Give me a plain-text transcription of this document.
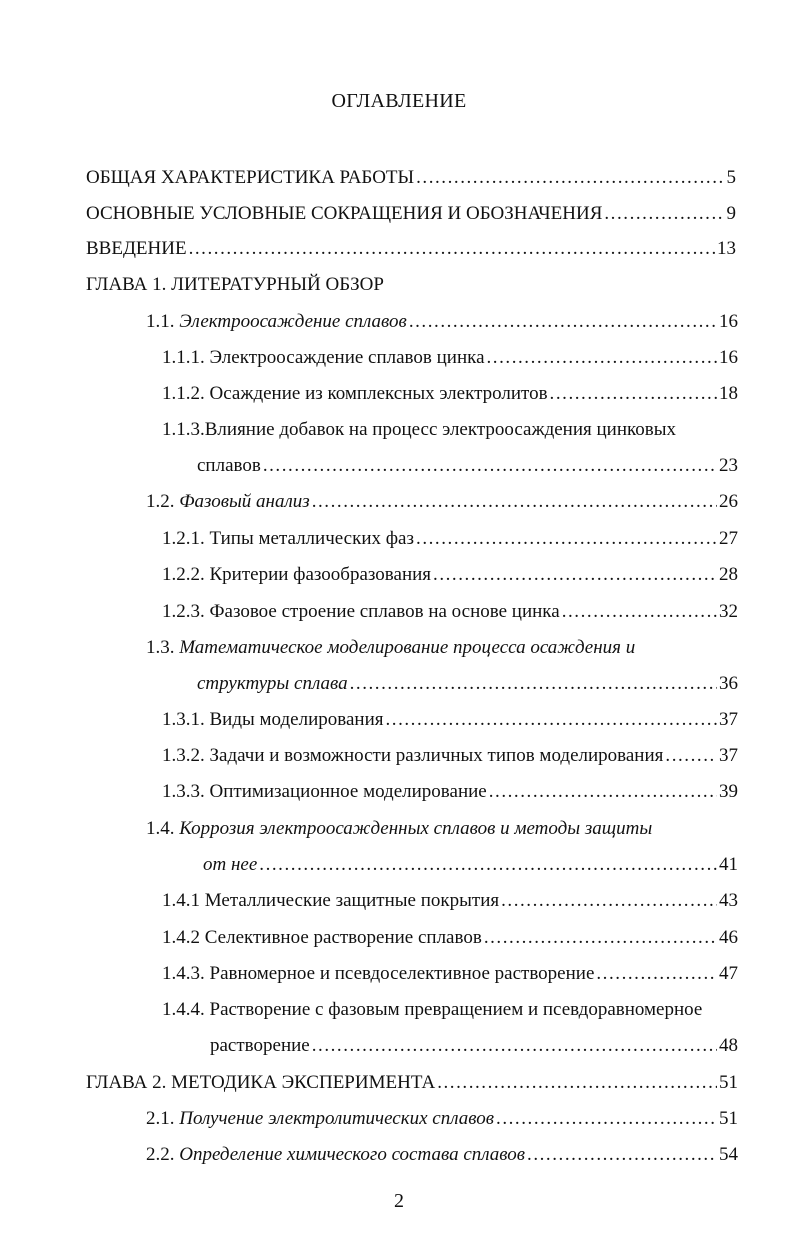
ОГЛАВЛЕНИЕ
ОБЩАЯ ХАРАКТЕРИСТИКА РАБОТЫ . . .	5
ОСНОВНЫЕ УСЛОВНЫЕ СОКРАЩЕНИЯ И ОБОЗНАЧЕНИЯ . . .	9
ВВЕДЕНИЕ . . .	13
ГЛАВА 1. ЛИТЕРАТУРНЫЙ ОБЗОР
1.1. Электроосаждение сплавов . . .	16
1.1.1. Электроосаждение сплавов цинка . . .	16
1.1.2. Осаждение из комплексных электролитов . . .	18
1.1.3.Влияние добавок на процесс электроосаждения цинковых
сплавов . . .	23
1.2. Фазовый анализ . . .	26
1.2.1. Типы металлических фаз . . .	27
1.2.2. Критерии фазообразования . . .	28
1.2.3. Фазовое строение сплавов на основе цинка . . .	32
1.3. Математическое моделирование процесса осаждения и
структуры сплава . . .	36
1.3.1. Виды моделирования . . .	37
1.3.2. Задачи и возможности различных типов моделирования . . .	37
1.3.3. Оптимизационное моделирование . . .	39
1.4. Коррозия электроосажденных сплавов и методы защиты
от нее . . .	41
1.4.1 Металлические защитные покрытия . . .	43
1.4.2 Селективное растворение сплавов . . .	46
1.4.3. Равномерное и псевдоселективное растворение . . .	47
1.4.4. Растворение с фазовым превращением и псевдоравномерное
растворение . . .	48
ГЛАВА 2. МЕТОДИКА ЭКСПЕРИМЕНТА . . .	51
2.1. Получение электролитических сплавов . . .	51
2.2. Определение химического состава сплавов . . .	54
2
